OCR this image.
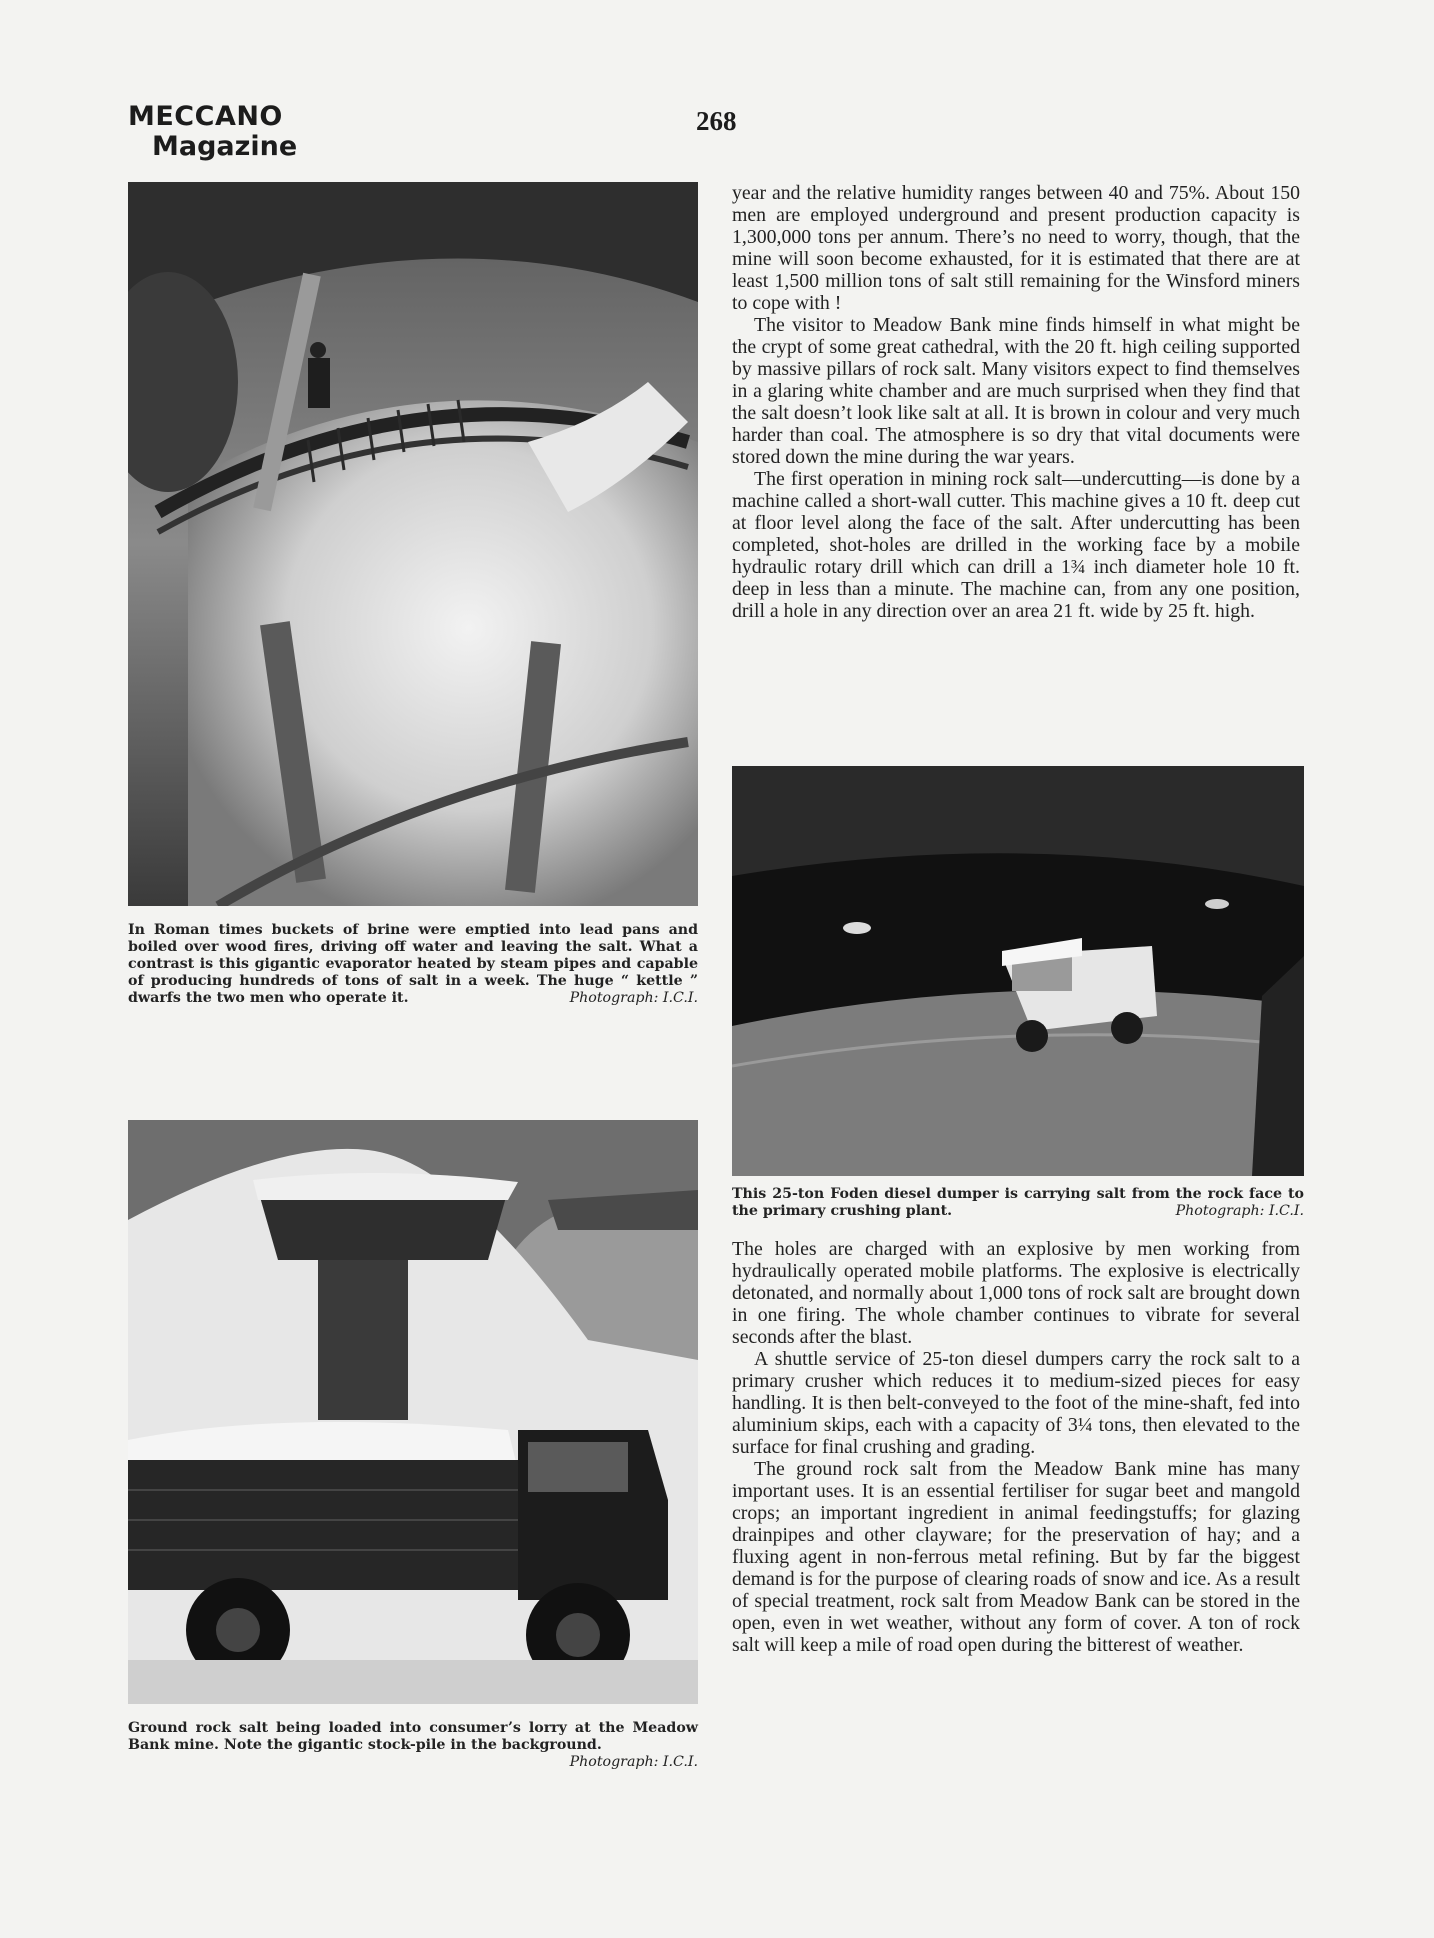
MECCANO
Magazine
268
In Roman times buckets of brine were emptied into lead pans and boiled over wood fires, driving off water and leaving the salt. What a contrast is this gigantic evaporator heated by steam pipes and capable of producing hundreds of tons of salt in a week. The huge “ kettle ” dwarfs the two men who operate it.	Photograph: I.C.I.
Ground rock salt being loaded into consumer’s lorry at the Meadow Bank mine. Note the gigantic stock-pile in the background.
Photograph: I.C.I.

year and the relative humidity ranges between 40 and 75%. About 150 men are employed underground and present production capacity is 1,300,000 tons per annum. There’s no need to worry, though, that the mine will soon become exhausted, for it is estimated that there are at least 1,500 million tons of salt still remaining for the Winsford miners to cope with !

The visitor to Meadow Bank mine finds himself in what might be the crypt of some great cathedral, with the 20 ft. high ceiling supported by massive pillars of rock salt. Many visitors expect to find themselves in a glaring white chamber and are much surprised when they find that the salt doesn’t look like salt at all. It is brown in colour and very much harder than coal. The atmosphere is so dry that vital documents were stored down the mine during the war years.

The first operation in mining rock salt—undercutting—is done by a machine called a short-wall cutter. This machine gives a 10 ft. deep cut at floor level along the face of the salt. After undercutting has been completed, shot-holes are drilled in the working face by a mobile hydraulic rotary drill which can drill a 1¾ inch diameter hole 10 ft. deep in less than a minute. The machine can, from any one position, drill a hole in any direction over an area 21 ft. wide by 25 ft. high.

This 25-ton Foden diesel dumper is carrying salt from the rock face to the primary crushing plant.	Photograph: I.C.I.

The holes are charged with an explosive by men working from hydraulically operated mobile platforms. The explosive is electrically detonated, and normally about 1,000 tons of rock salt are brought down in one firing. The whole chamber continues to vibrate for several seconds after the blast.

A shuttle service of 25-ton diesel dumpers carry the rock salt to a primary crusher which reduces it to medium-sized pieces for easy handling. It is then belt-conveyed to the foot of the mine-shaft, fed into aluminium skips, each with a capacity of 3¼ tons, then elevated to the surface for final crushing and grading.

The ground rock salt from the Meadow Bank mine has many important uses. It is an essential fertiliser for sugar beet and mangold crops; an important ingredient in animal feedingstuffs; for glazing drainpipes and other clayware; for the preservation of hay; and a fluxing agent in non-ferrous metal refining. But by far the biggest demand is for the purpose of clearing roads of snow and ice. As a result of special treatment, rock salt from Meadow Bank can be stored in the open, even in wet weather, without any form of cover. A ton of rock salt will keep a mile of road open during the bitterest of weather.
